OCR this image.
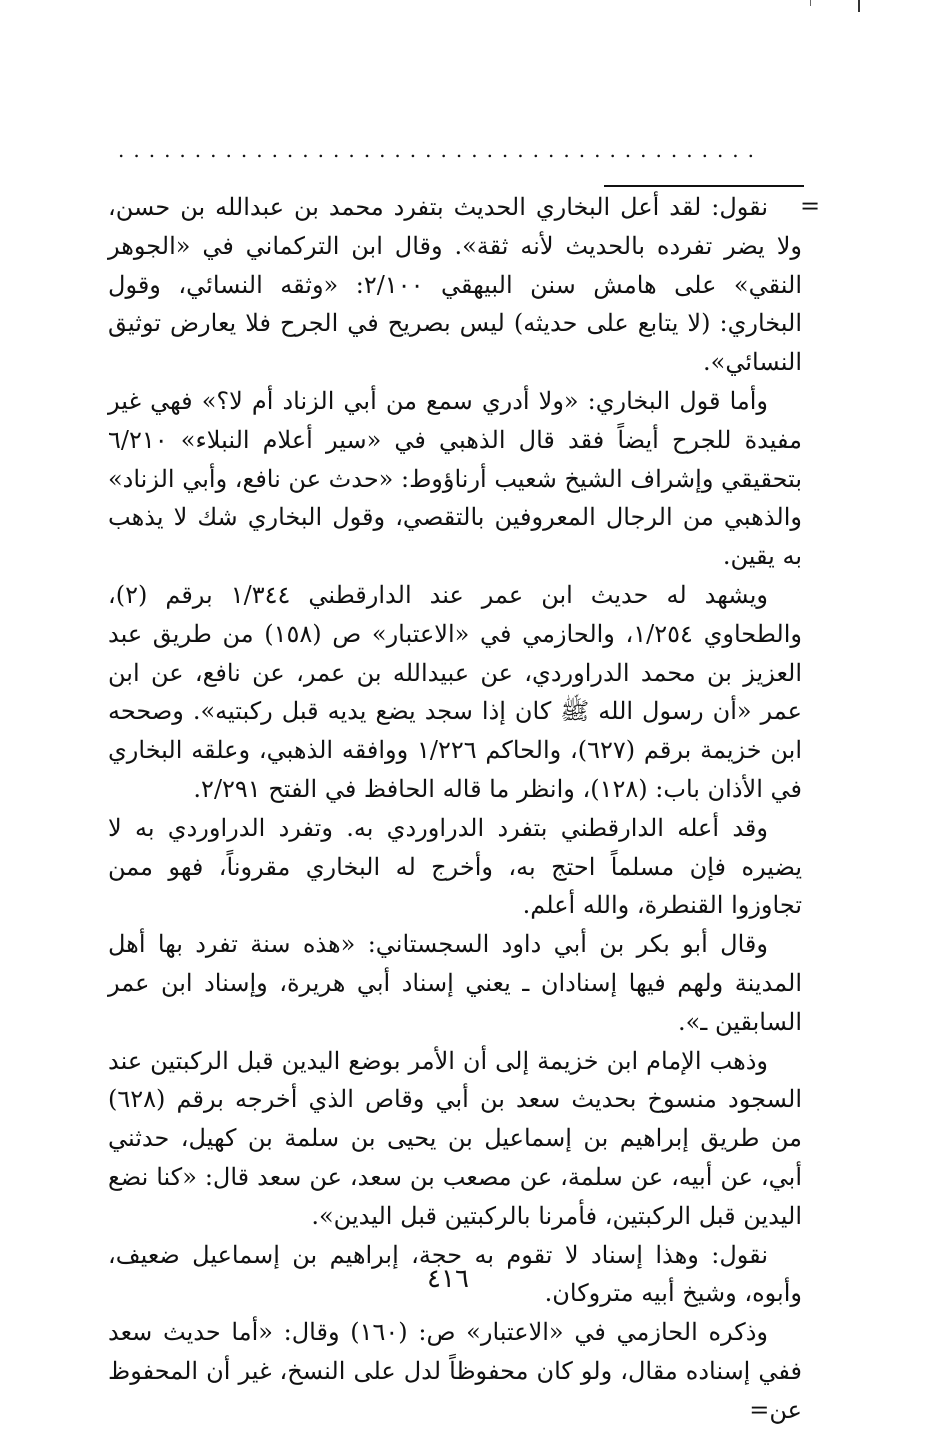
..........................................
=

نقول: لقد أعل البخاري الحديث بتفرد محمد بن عبدالله بن حسن، ولا يضر تفرده بالحديث لأنه ثقة». وقال ابن التركماني في «الجوهر النقي» على هامش سنن البيهقي ٢/١٠٠: «وثقه النسائي، وقول البخاري: (لا يتابع على حديثه) ليس بصريح في الجرح فلا يعارض توثيق النسائي».

وأما قول البخاري: «ولا أدري سمع من أبي الزناد أم لا؟» فهي غير مفيدة للجرح أيضاً فقد قال الذهبي في «سير أعلام النبلاء» ٦/٢١٠ بتحقيقي وإشراف الشيخ شعيب أرناؤوط: «حدث عن نافع، وأبي الزناد» والذهبي من الرجال المعروفين بالتقصي، وقول البخاري شك لا يذهب به يقين.

ويشهد له حديث ابن عمر عند الدارقطني ١/٣٤٤ برقم (٢)، والطحاوي ١/٢٥٤، والحازمي في «الاعتبار» ص (١٥٨) من طريق عبد العزيز بن محمد الدراوردي، عن عبيدالله بن عمر، عن نافع، عن ابن عمر «أن رسول الله ﷺ كان إذا سجد يضع يديه قبل ركبتيه». وصححه ابن خزيمة برقم (٦٢٧)، والحاكم ١/٢٢٦ ووافقه الذهبي، وعلقه البخاري في الأذان باب: (١٢٨)، وانظر ما قاله الحافظ في الفتح ٢/٢٩١.

وقد أعله الدارقطني بتفرد الدراوردي به. وتفرد الدراوردي به لا يضيره فإن مسلماً احتج به، وأخرج له البخاري مقروناً، فهو ممن تجاوزوا القنطرة، والله أعلم.

وقال أبو بكر بن أبي داود السجستاني: «هذه سنة تفرد بها أهل المدينة ولهم فيها إسنادان ـ يعني إسناد أبي هريرة، وإسناد ابن عمر السابقين ـ».

وذهب الإمام ابن خزيمة إلى أن الأمر بوضع اليدين قبل الركبتين عند السجود منسوخ بحديث سعد بن أبي وقاص الذي أخرجه برقم (٦٢٨) من طريق إبراهيم بن إسماعيل بن يحيى بن سلمة بن كهيل، حدثني أبي، عن أبيه، عن سلمة، عن مصعب بن سعد، عن سعد قال: «كنا نضع اليدين قبل الركبتين، فأمرنا بالركبتين قبل اليدين».

نقول: وهذا إسناد لا تقوم به حجة، إبراهيم بن إسماعيل ضعيف، وأبوه، وشيخ أبيه متروكان.

وذكره الحازمي في «الاعتبار» ص: (١٦٠) وقال: «أما حديث سعد ففي إسناده مقال، ولو كان محفوظاً لدل على النسخ، غير أن المحفوظ عن=

٤١٦
